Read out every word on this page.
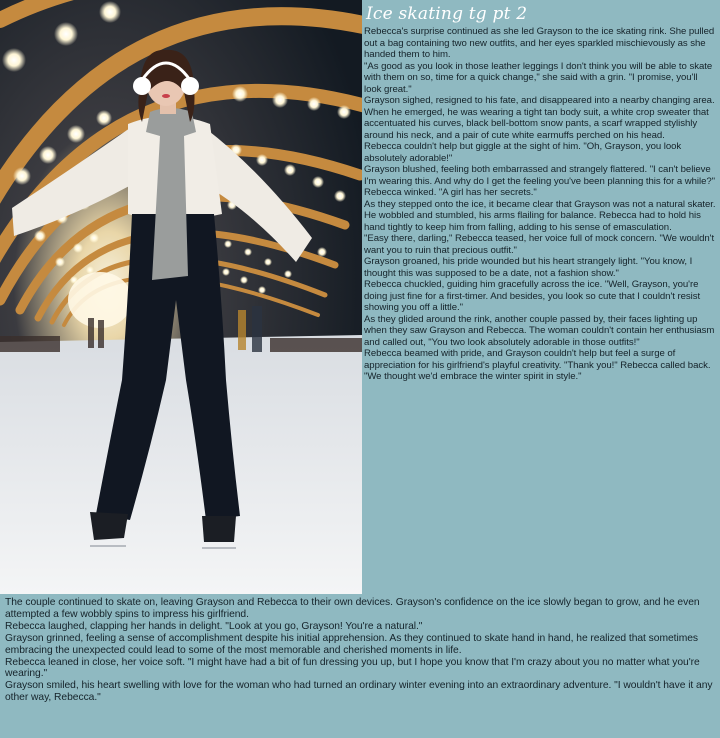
Ice skating tg pt 2

Rebecca's surprise continued as she led Grayson to the ice skating rink. She pulled out a bag containing two new outfits, and her eyes sparkled mischievously as she handed them to him.

"As good as you look in those leather leggings I don't think you will be able to skate with them on so, time for a quick change," she said with a grin. "I promise, you'll look great."

Grayson sighed, resigned to his fate, and disappeared into a nearby changing area. When he emerged, he was wearing a tight tan body suit, a white crop sweater that accentuated his curves, black bell-bottom snow pants, a scarf wrapped stylishly around his neck, and a pair of cute white earmuffs perched on his head.

Rebecca couldn't help but giggle at the sight of him. "Oh, Grayson, you look absolutely adorable!"

Grayson blushed, feeling both embarrassed and strangely flattered. "I can't believe I'm wearing this. And why do I get the feeling you've been planning this for a while?"

Rebecca winked. "A girl has her secrets."

As they stepped onto the ice, it became clear that Grayson was not a natural skater. He wobbled and stumbled, his arms flailing for balance. Rebecca had to hold his hand tightly to keep him from falling, adding to his sense of emasculation.

"Easy there, darling," Rebecca teased, her voice full of mock concern. "We wouldn't want you to ruin that precious outfit."

Grayson groaned, his pride wounded but his heart strangely light. "You know, I thought this was supposed to be a date, not a fashion show."

Rebecca chuckled, guiding him gracefully across the ice. "Well, Grayson, you're doing just fine for a first-timer. And besides, you look so cute that I couldn't resist showing you off a little."

As they glided around the rink, another couple passed by, their faces lighting up when they saw Grayson and Rebecca. The woman couldn't contain her enthusiasm and called out, "You two look absolutely adorable in those outfits!"

Rebecca beamed with pride, and Grayson couldn't help but feel a surge of appreciation for his girlfriend's playful creativity. "Thank you!" Rebecca called back. "We thought we'd embrace the winter spirit in style."

The couple continued to skate on, leaving Grayson and Rebecca to their own devices. Grayson's confidence on the ice slowly began to grow, and he even attempted a few wobbly spins to impress his girlfriend.

Rebecca laughed, clapping her hands in delight. "Look at you go, Grayson! You're a natural."

Grayson grinned, feeling a sense of accomplishment despite his initial apprehension. As they continued to skate hand in hand, he realized that sometimes embracing the unexpected could lead to some of the most memorable and cherished moments in life.

Rebecca leaned in close, her voice soft. "I might have had a bit of fun dressing you up, but I hope you know that I'm crazy about you no matter what you're wearing."

Grayson smiled, his heart swelling with love for the woman who had turned an ordinary winter evening into an extraordinary adventure. "I wouldn't have it any other way, Rebecca."
